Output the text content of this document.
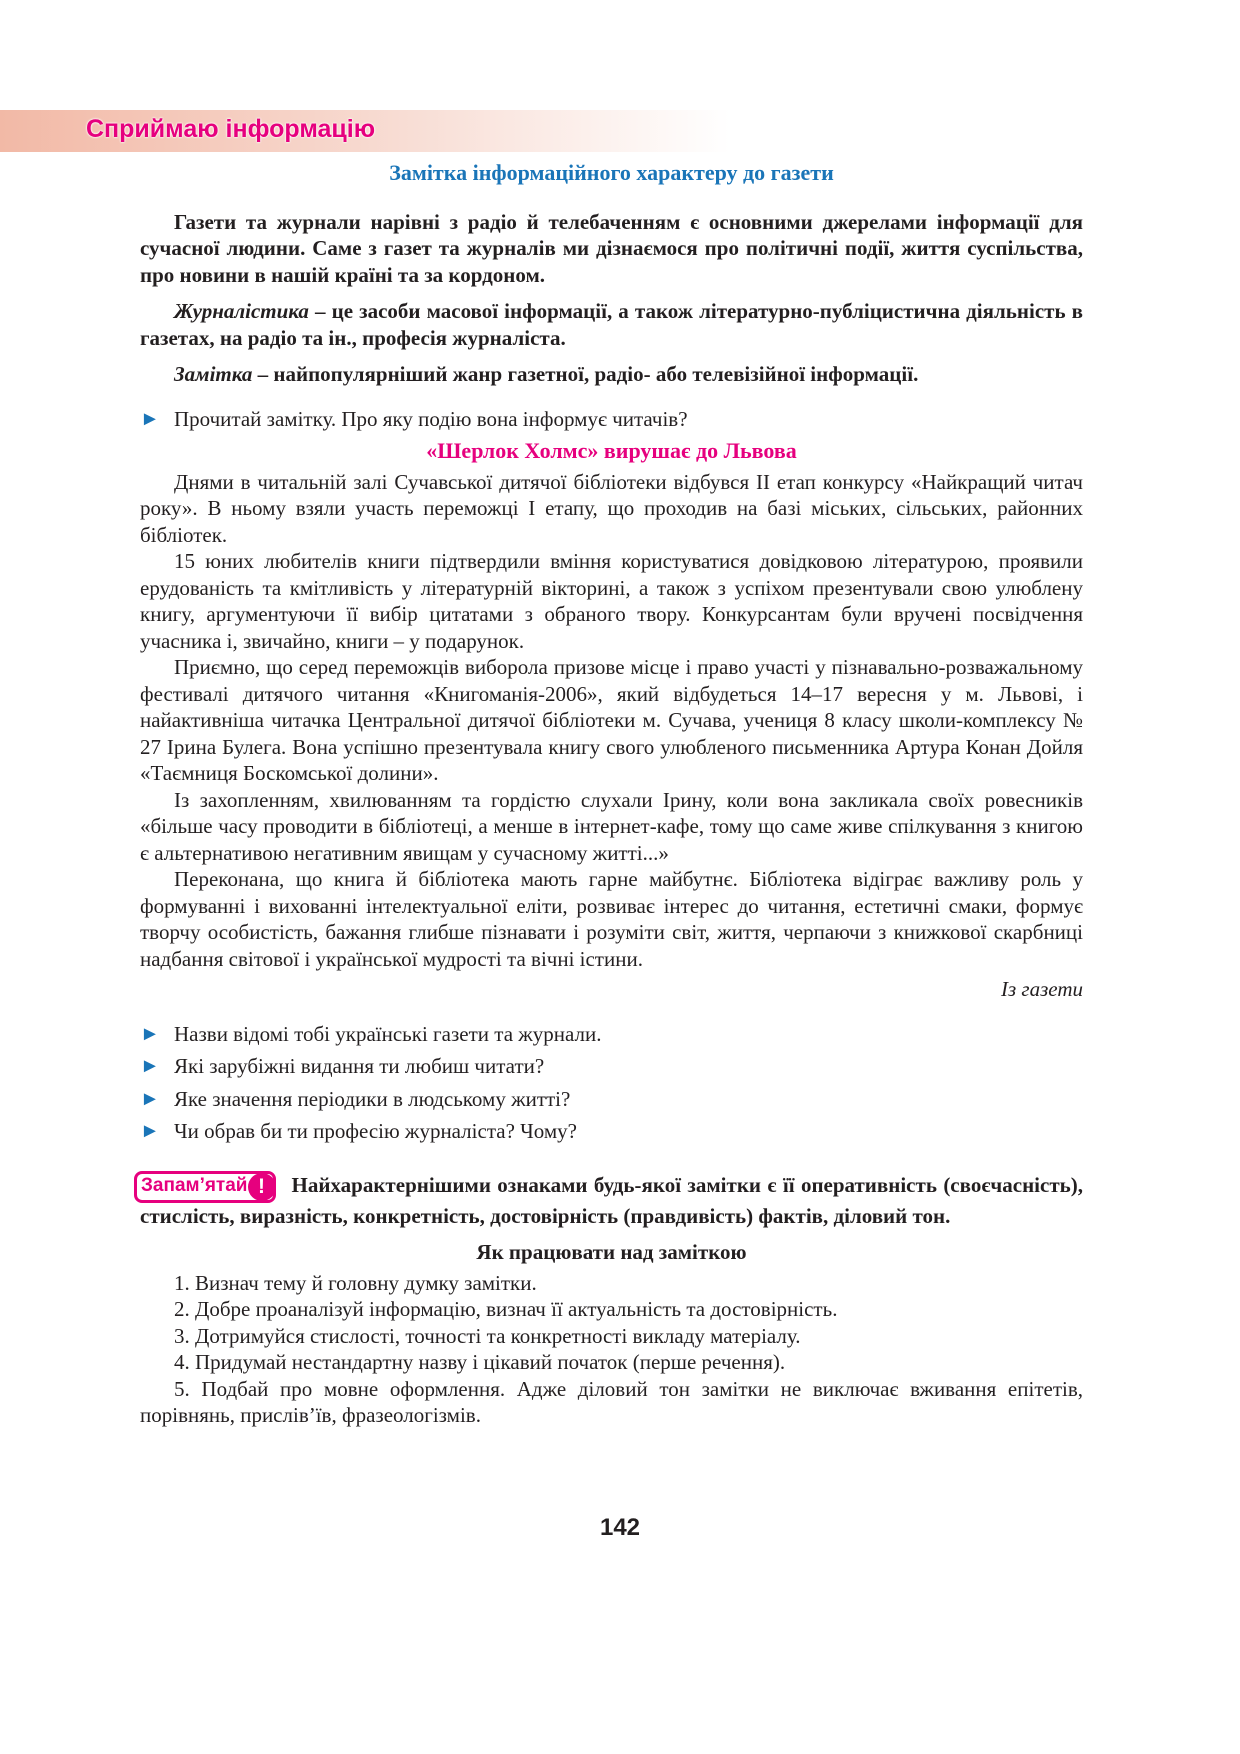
Сприймаю інформацію
Замітка інформаційного характеру до газети

Газети та журнали нарівні з радіо й телебаченням є основними джерелами інформації для сучасної людини. Саме з газет та журналів ми дізнаємося про політичні події, життя суспільства, про новини в нашій країні та за кордоном.

Журналістика – це засоби масової інформації, а також літературно-публіцистична діяльність в газетах, на радіо та ін., професія журналіста.

Замітка – найпопулярніший жанр газетної, радіо- або телевізійної інформації.

► Прочитай замітку. Про яку подію вона інформує читачів?
«Шерлок Холмс» вирушає до Львова

Днями в читальній залі Сучавської дитячої бібліотеки відбувся II етап конкурсу «Найкращий читач року». В ньому взяли участь переможці I етапу, що проходив на базі міських, сільських, районних бібліотек.

15 юних любителів книги підтвердили вміння користуватися довідковою літературою, проявили ерудованість та кмітливість у літературній вікторині, а також з успіхом презентували свою улюблену книгу, аргументуючи її вибір цитатами з обраного твору. Конкурсантам були вручені посвідчення учасника і, звичайно, книги – у подарунок.

Приємно, що серед переможців виборола призове місце і право участі у пізнавально-розважальному фестивалі дитячого читання «Книгоманія-2006», який відбудеться 14–17 вересня у м. Львові, і найактивніша читачка Центральної дитячої бібліотеки м. Сучава, учениця 8 класу школи-комплексу № 27 Ірина Булега. Вона успішно презентувала книгу свого улюбленого письменника Артура Конан Дойля «Таємниця Боскомської долини».

Із захопленням, хвилюванням та гордістю слухали Ірину, коли вона закликала своїх ровесників «більше часу проводити в бібліотеці, а менше в інтернет-кафе, тому що саме живе спілкування з книгою є альтернативою негативним явищам у сучасному житті...»

Переконана, що книга й бібліотека мають гарне майбутнє. Бібліотека відіграє важливу роль у формуванні і вихованні інтелектуальної еліти, розвиває інтерес до читання, естетичні смаки, формує творчу особистість, бажання глибше пізнавати і розуміти світ, життя, черпаючи з книжкової скарбниці надбання світової і української мудрості та вічні істини.

Із газети
► Назви відомі тобі українські газети та журнали.
► Які зарубіжні видання ти любиш читати?
► Яке значення періодики в людському житті?
► Чи обрав би ти професію журналіста? Чому?

Запам’ятай !	Найхарактернішими ознаками будь-якої замітки є її оперативність (своєчасність), стислість, виразність, конкретність, достовірність (правдивість) фактів, діловий тон.

Як працювати над заміткою

1. Визнач тему й головну думку замітки.

2. Добре проаналізуй інформацію, визнач її актуальність та достовірність.

3. Дотримуйся стислості, точності та конкретності викладу матеріалу.

4. Придумай нестандартну назву і цікавий початок (перше речення).

5. Подбай про мовне оформлення. Адже діловий тон замітки не виключає вживання епітетів, порівнянь, прислів’їв, фразеологізмів.

142
